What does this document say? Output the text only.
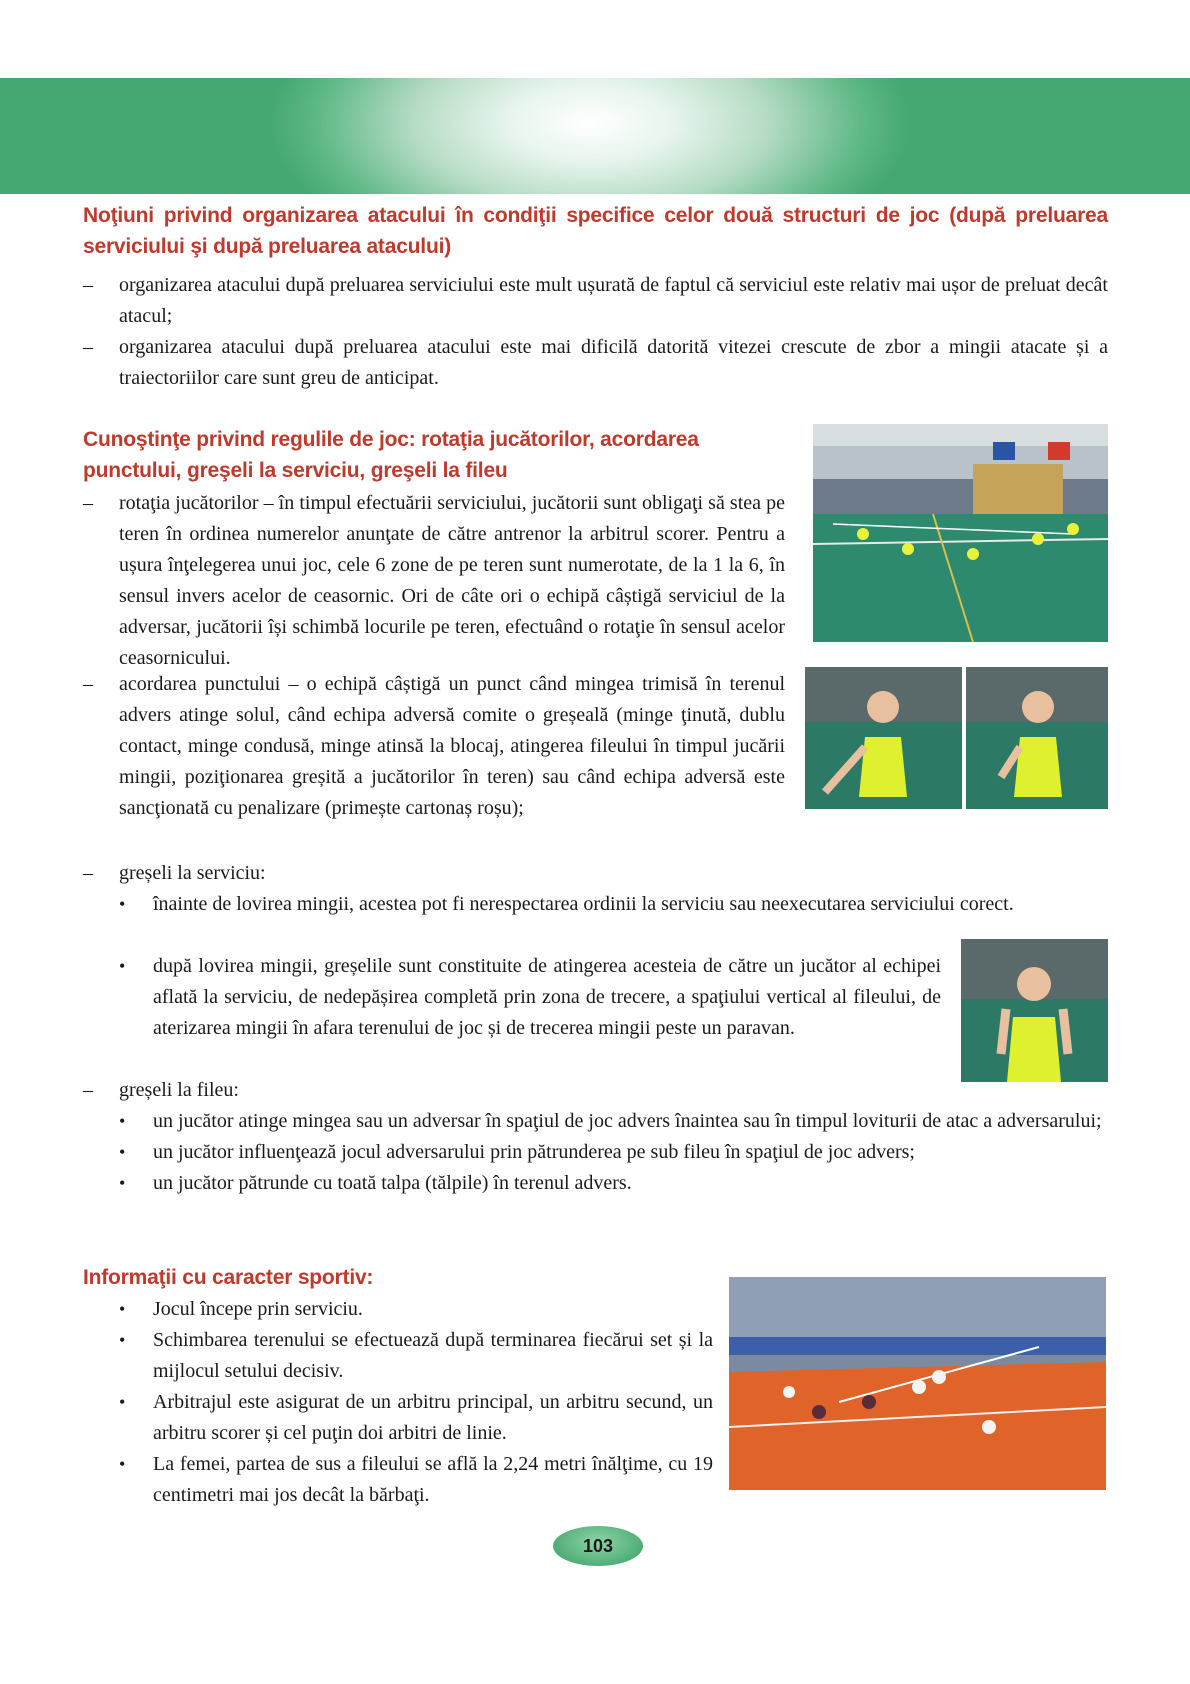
Noţiuni privind organizarea atacului în condiţii specifice celor două structuri de joc (după preluarea serviciului şi după preluarea atacului)
– organizarea atacului după preluarea serviciului este mult ușurată de faptul că serviciul este relativ mai ușor de preluat decât atacul;
– organizarea atacului după preluarea atacului este mai dificilă datorită vitezei crescute de zbor a mingii atacate și a traiectoriilor care sunt greu de anticipat.
Cunoştinţe privind regulile de joc: rotaţia jucătorilor, acordarea punctului, greşeli la serviciu, greşeli la fileu
– rotaţia jucătorilor – în timpul efectuării serviciului, jucătorii sunt obligaţi să stea pe teren în ordinea numerelor anunţate de către antrenor la arbitrul scorer. Pentru a ușura înţelegerea unui joc, cele 6 zone de pe teren sunt numerotate, de la 1 la 6, în sensul invers acelor de ceasornic. Ori de câte ori o echipă câștigă serviciul de la adversar, jucătorii își schimbă locurile pe teren, efectuând o rotaţie în sensul acelor ceasornicului.
– acordarea punctului – o echipă câștigă un punct când mingea trimisă în terenul advers atinge solul, când echipa adversă comite o greșeală (minge ţinută, dublu contact, minge condusă, minge atinsă la blocaj, atingerea fileului în timpul jucării mingii, poziţionarea greșită a jucătorilor în teren) sau când echipa adversă este sancţionată cu penalizare (primește cartonaș roșu);
– greșeli la serviciu:
• înainte de lovirea mingii, acestea pot fi nerespectarea ordinii la serviciu sau neexecutarea serviciului corect.
• după lovirea mingii, greșelile sunt constituite de atingerea acesteia de către un jucător al echipei aflată la serviciu, de nedepășirea completă prin zona de trecere, a spaţiului vertical al fileului, de aterizarea mingii în afara terenului de joc și de trecerea mingii peste un paravan.
– greșeli la fileu:
• un jucător atinge mingea sau un adversar în spaţiul de joc advers înaintea sau în timpul loviturii de atac a adversarului;
• un jucător influenţează jocul adversarului prin pătrunderea pe sub fileu în spaţiul de joc advers;
• un jucător pătrunde cu toată talpa (tălpile) în terenul advers.
Informaţii cu caracter sportiv:
• Jocul începe prin serviciu.
• Schimbarea terenului se efectuează după terminarea fiecărui set și la mijlocul setului decisiv.
• Arbitrajul este asigurat de un arbitru principal, un arbitru secund, un arbitru scorer și cel puţin doi arbitri de linie.
• La femei, partea de sus a fileului se află la 2,24 metri înălţime, cu 19 centimetri mai jos decât la bărbaţi.
103
